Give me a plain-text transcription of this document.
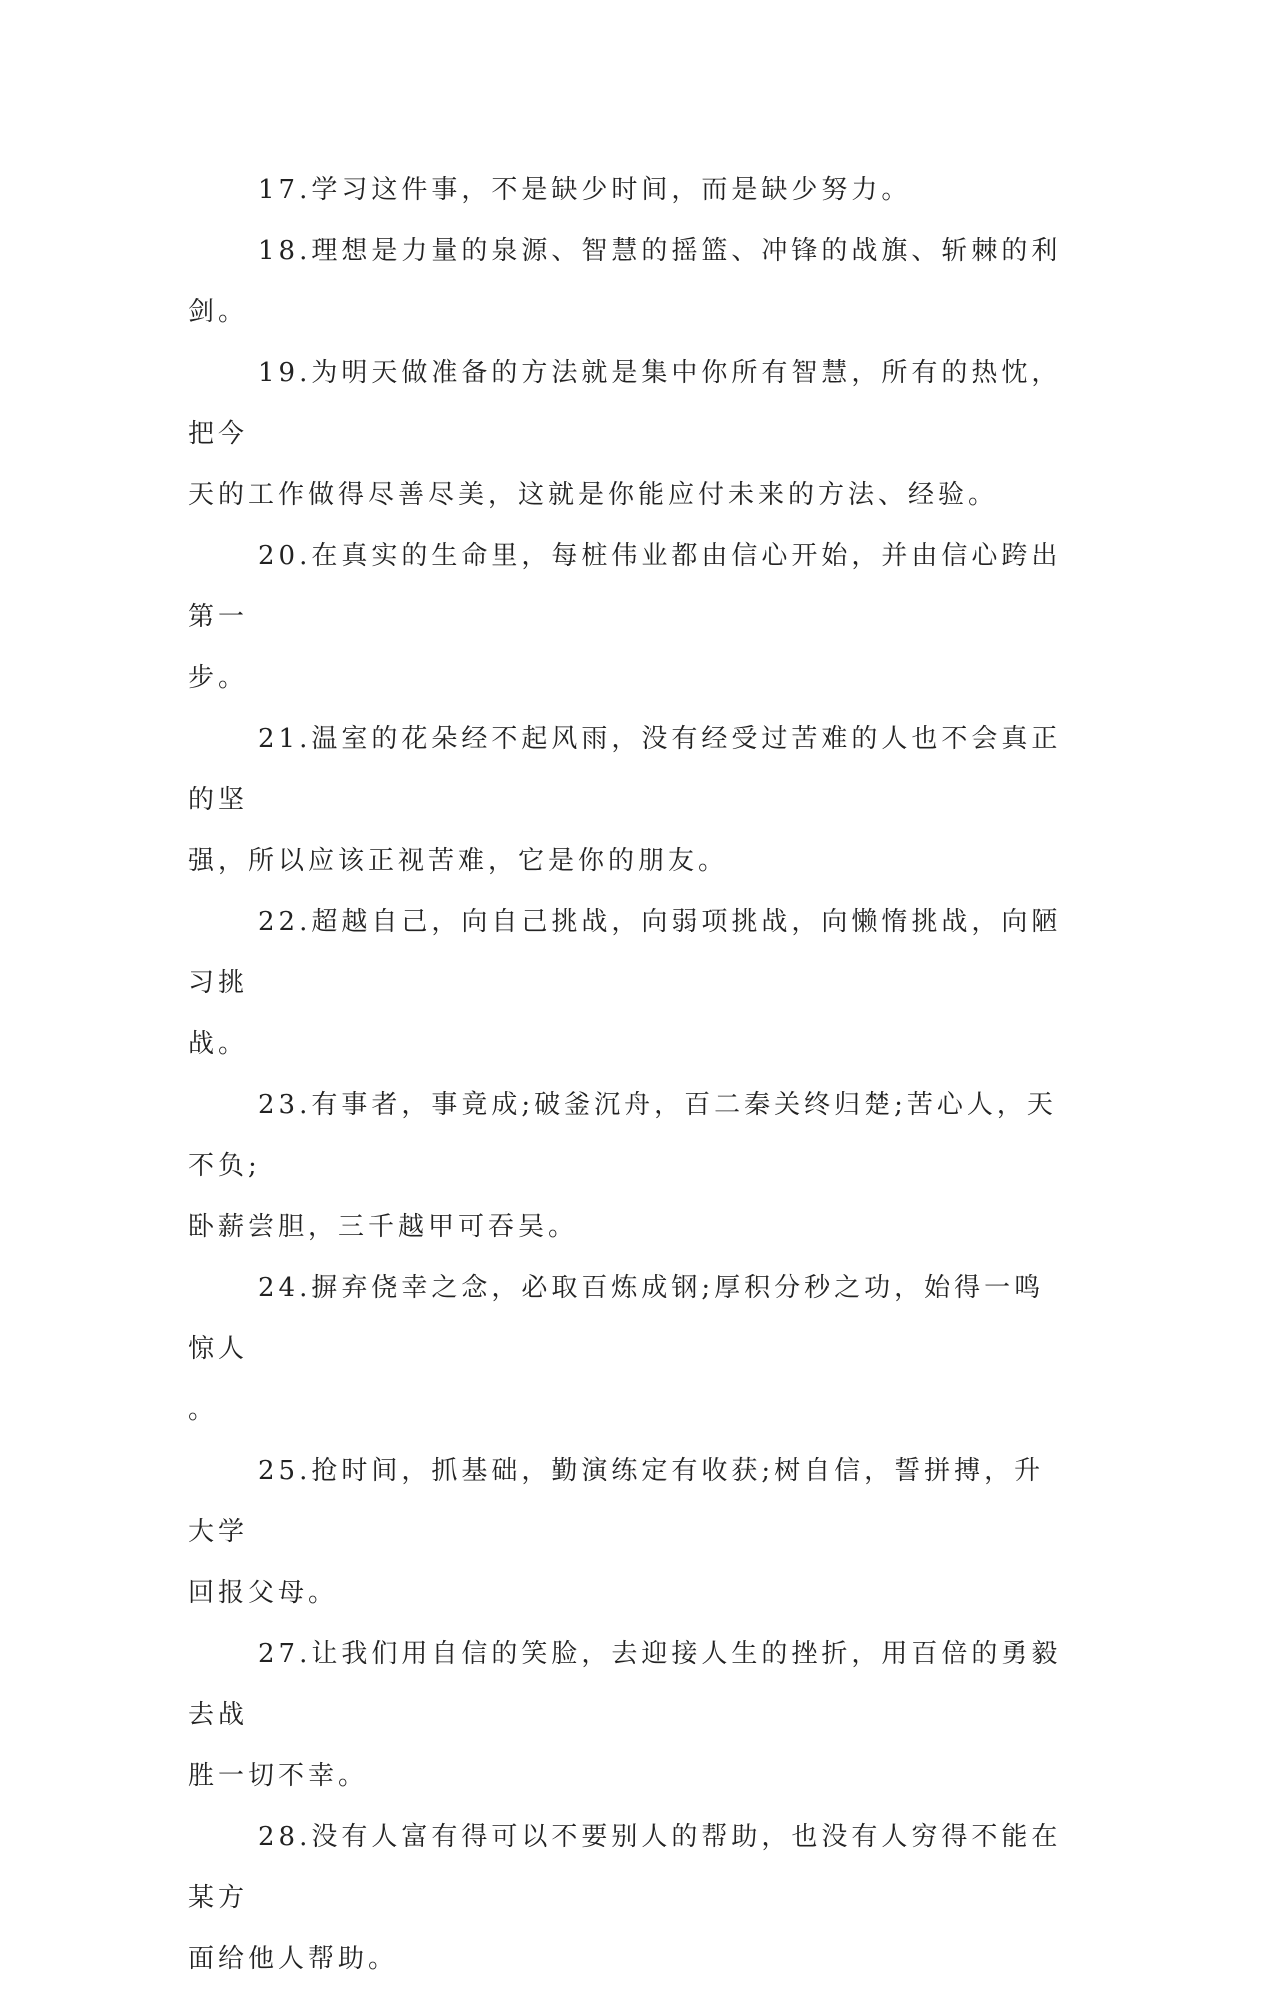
17.学习这件事，不是缺少时间，而是缺少努力。

18.理想是力量的泉源、智慧的摇篮、冲锋的战旗、斩棘的利剑。

19.为明天做准备的方法就是集中你所有智慧，所有的热忱，把今
天的工作做得尽善尽美，这就是你能应付未来的方法、经验。

20.在真实的生命里，每桩伟业都由信心开始，并由信心跨出第一
步。

21.温室的花朵经不起风雨，没有经受过苦难的人也不会真正的坚
强，所以应该正视苦难，它是你的朋友。

22.超越自己，向自己挑战，向弱项挑战，向懒惰挑战，向陋习挑
战。

23.有事者，事竟成;破釜沉舟，百二秦关终归楚;苦心人，天不负;
卧薪尝胆，三千越甲可吞吴。

24.摒弃侥幸之念，必取百炼成钢;厚积分秒之功，始得一鸣惊人
。

25.抢时间，抓基础，勤演练定有收获;树自信，誓拼搏，升大学
回报父母。

27.让我们用自信的笑脸，去迎接人生的挫折，用百倍的勇毅去战
胜一切不幸。

28.没有人富有得可以不要别人的帮助，也没有人穷得不能在某方
面给他人帮助。
